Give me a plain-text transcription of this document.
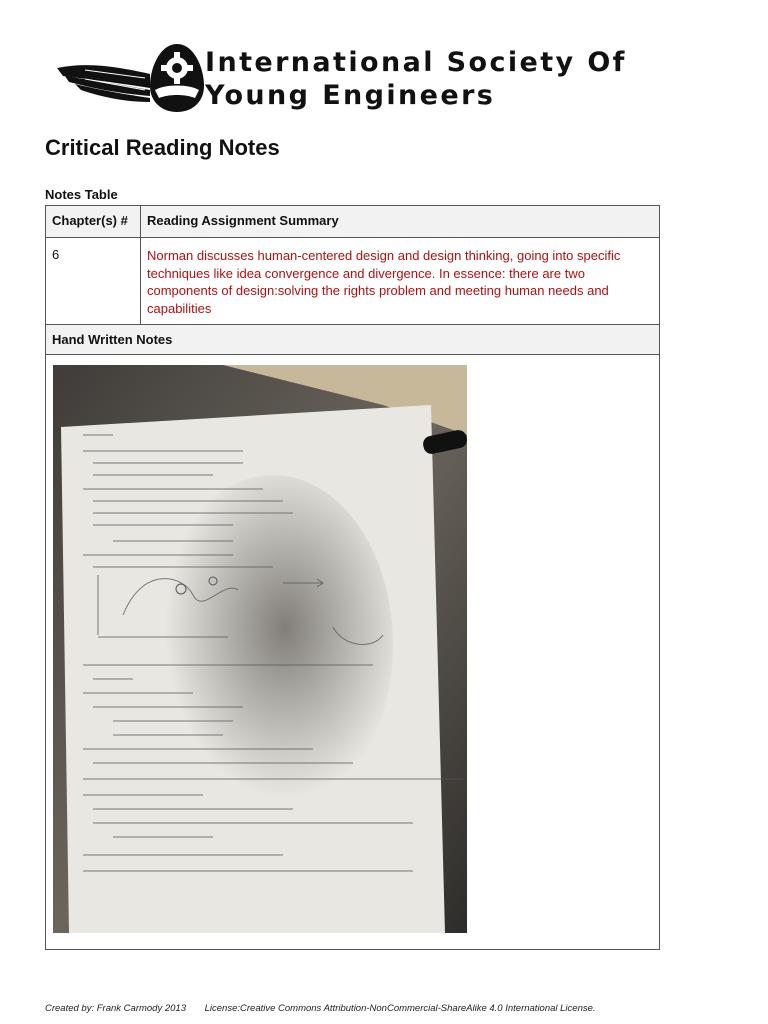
International Society Of
Young Engineers
Critical Reading Notes
Notes Table
Chapter(s) #	Reading Assignment Summary
6	Norman discusses human-centered design and design thinking, going into specific techniques like idea convergence and divergence. In essence: there are two components of design:solving the rights problem and meeting human needs and capabilities
Hand Written Notes	

Created by: Frank Carmody 2013 License:Creative Commons Attribution-NonCommercial-ShareAlike 4.0 International License.
